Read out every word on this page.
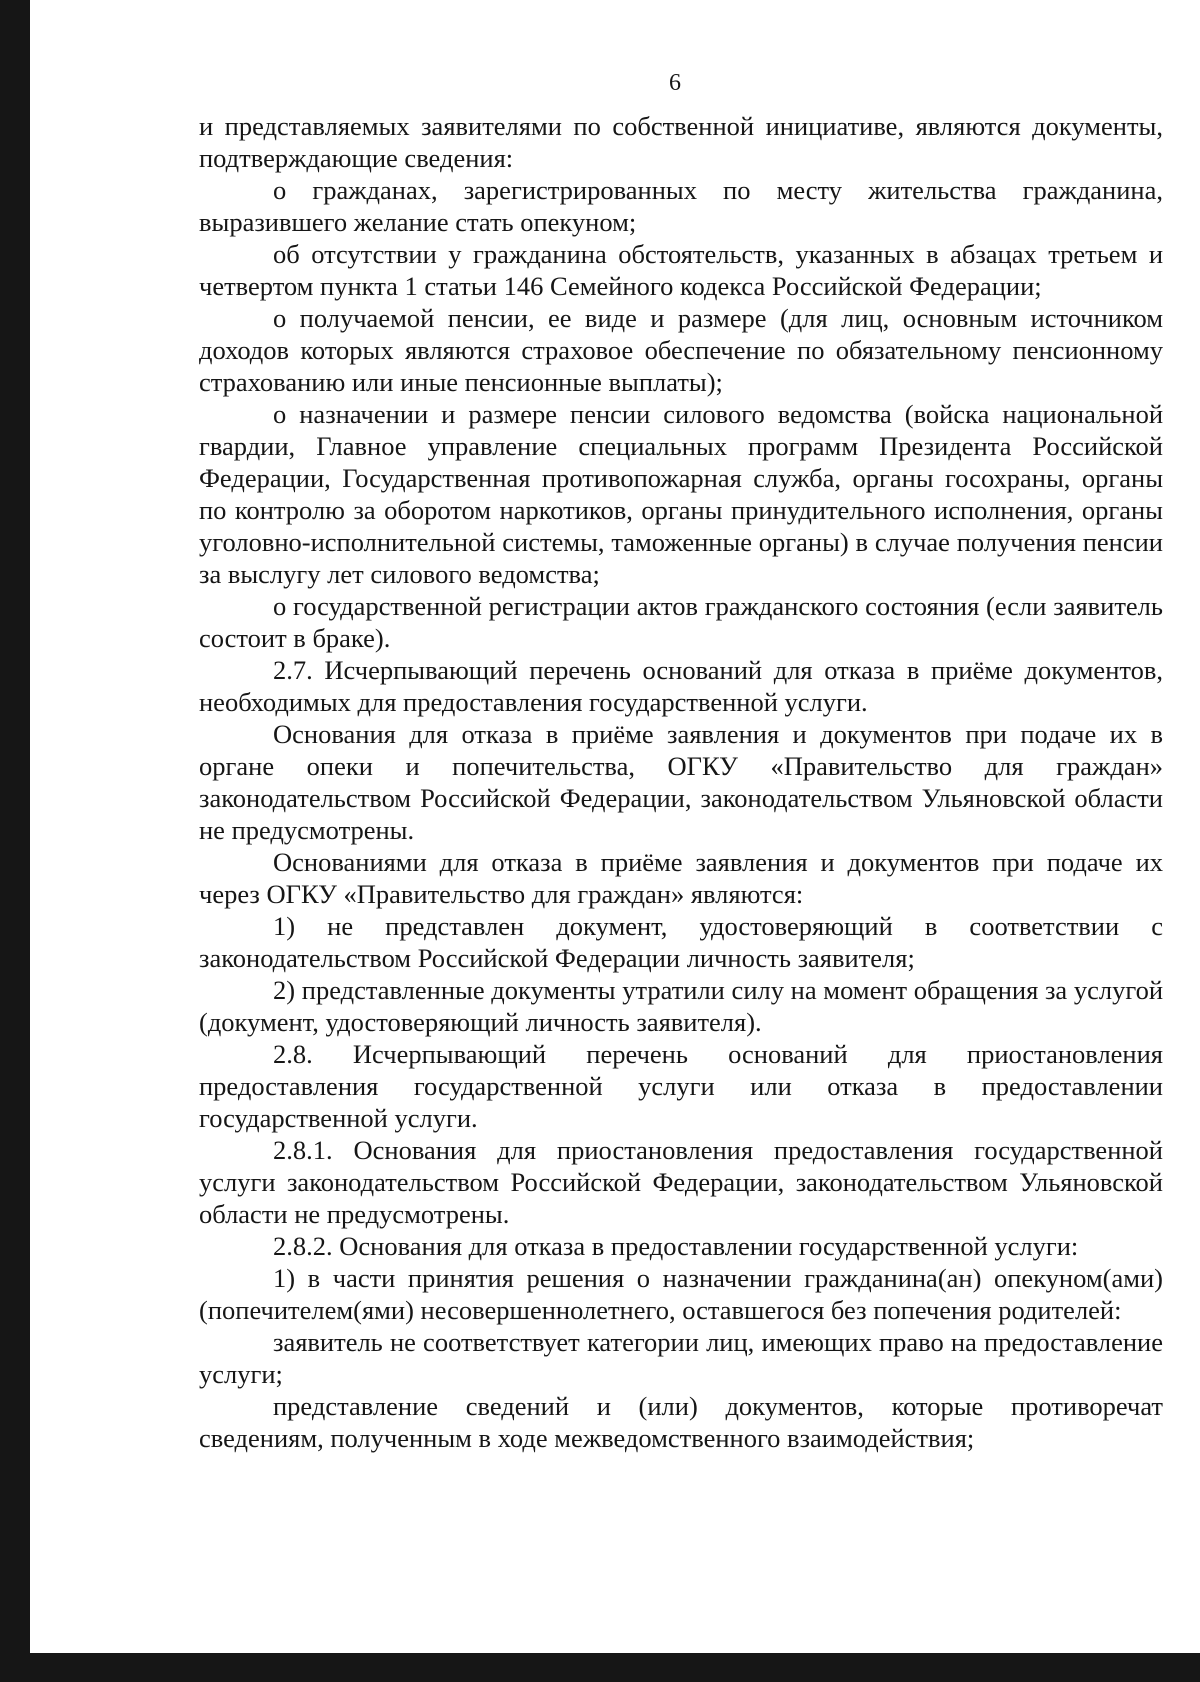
6

и представляемых заявителями по собственной инициативе, являются документы, подтверждающие сведения:

о гражданах, зарегистрированных по месту жительства гражданина, выразившего желание стать опекуном;

об отсутствии у гражданина обстоятельств, указанных в абзацах третьем и четвертом пункта 1 статьи 146 Семейного кодекса Российской Федерации;

о получаемой пенсии, ее виде и размере (для лиц, основным источником доходов которых являются страховое обеспечение по обязательному пенсионному страхованию или иные пенсионные выплаты);

о назначении и размере пенсии силового ведомства (войска национальной гвардии, Главное управление специальных программ Президента Российской Федерации, Государственная противопожарная служба, органы госохраны, органы по контролю за оборотом наркотиков, органы принудительного исполнения, органы уголовно-исполнительной системы, таможенные органы) в случае получения пенсии за выслугу лет силового ведомства;

о государственной регистрации актов гражданского состояния (если заявитель состоит в браке).

2.7. Исчерпывающий перечень оснований для отказа в приёме документов, необходимых для предоставления государственной услуги.

Основания для отказа в приёме заявления и документов при подаче их в органе опеки и попечительства, ОГКУ «Правительство для граждан» законодательством Российской Федерации, законодательством Ульяновской области не предусмотрены.

Основаниями для отказа в приёме заявления и документов при подаче их через ОГКУ «Правительство для граждан» являются:

1) не представлен документ, удостоверяющий в соответствии с законодательством Российской Федерации личность заявителя;

2) представленные документы утратили силу на момент обращения за услугой (документ, удостоверяющий личность заявителя).

2.8. Исчерпывающий перечень оснований для приостановления предоставления государственной услуги или отказа в предоставлении государственной услуги.

2.8.1. Основания для приостановления предоставления государственной услуги законодательством Российской Федерации, законодательством Ульяновской области не предусмотрены.

2.8.2. Основания для отказа в предоставлении государственной услуги:

1) в части принятия решения о назначении гражданина(ан) опекуном(ами) (попечителем(ями) несовершеннолетнего, оставшегося без попечения родителей:

заявитель не соответствует категории лиц, имеющих право на предоставление услуги;

представление сведений и (или) документов, которые противоречат сведениям, полученным в ходе межведомственного взаимодействия;
